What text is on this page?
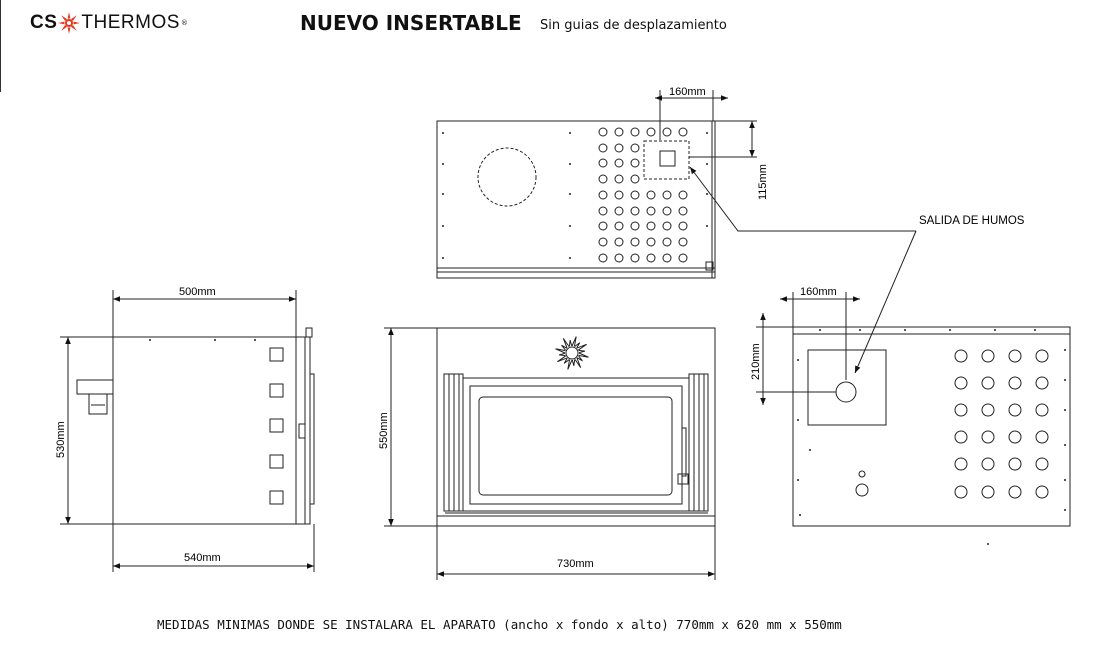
CS THERMOS ®	NUEVO INSERTABLE Sin guias de desplazamiento
160mm
115mm
SALIDA DE HUMOS
500mm
530mm
540mm
550mm
730mm
160mm
210mm
MEDIDAS MINIMAS DONDE SE INSTALARA EL APARATO (ancho x fondo x alto) 770mm x 620 mm x 550mm
